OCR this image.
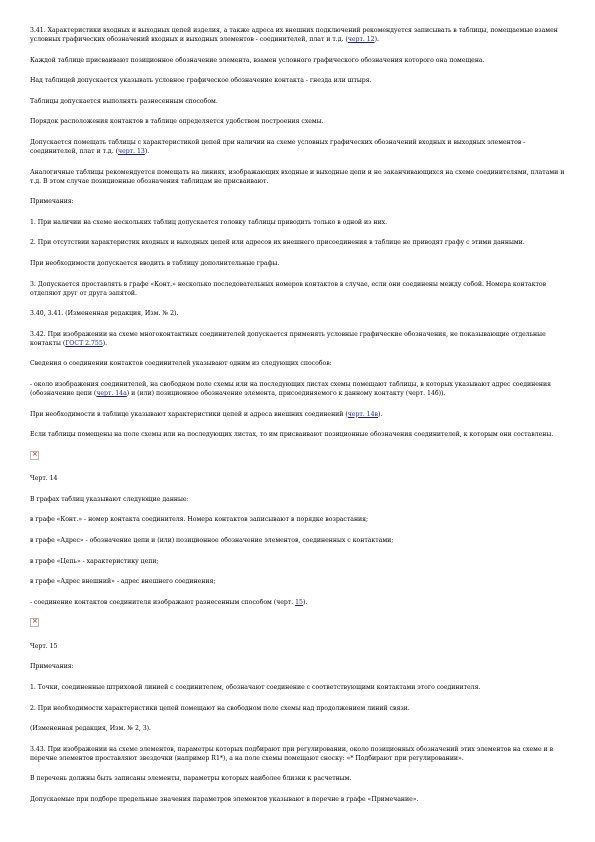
3.41. Характеристики входных и выходных цепей изделия, а также адреса их внешних подключений рекомендуется записывать в таблицы, помещаемые взамен условных графических обозначений входных и выходных элементов - соединителей, плат и т.д. (черт. 12).

Каждой таблице присваивают позиционное обозначение элемента, взамен условного графического обозначения которого она помещена.

Над таблицей допускается указывать условное графическое обозначение контакта - гнезда или штыря.

Таблицы допускается выполнять разнесенным способом.

Порядок расположения контактов в таблице определяется удобством построения схемы.

Допускается помещать таблицы с характеристикой цепей при наличии на схеме условных графических обозначений входных и выходных элементов - соединителей, плат и т.д. (черт. 13).

Аналогичные таблицы рекомендуется помещать на линиях, изображающих входные и выходные цепи и не заканчивающихся на схеме соединителями, платами и т.д. В этом случае позиционные обозначения таблицам не присваивают.

Примечания:

1. При наличии на схеме нескольких таблиц допускается головку таблицы приводить только в одной из них.

2. При отсутствии характеристик входных и выходных цепей или адресов их внешнего присоединения в таблице не приводят графу с этими данными.

При необходимости допускается вводить в таблицу дополнительные графы.

3. Допускается проставлять в графе «Конт.» несколько последовательных номеров контактов в случае, если они соединены между собой. Номера контактов отделяют друг от друга запятой.

3.40, 3.41. (Измененная редакция, Изм. № 2).

3.42. При изображении на схеме многоконтактных соединителей допускается применять условные графические обозначения, не показывающие отдельные контакты (ГОСТ 2.755).

Сведения о соединении контактов соединителей указывают одним из следующих способов:

- около изображения соединителей, на свободном поле схемы или на последующих листах схемы помещают таблицы, в которых указывают адрес соединения (обозначение цепи (черт. 14а) и (или) позиционное обозначение элемента, присоединяемого к данному контакту (черт. 14б)).

При необходимости в таблице указывают характеристики цепей и адреса внешних соединений (черт. 14в).

Если таблицы помещены на поле схемы или на последующих листах, то им присваивают позиционные обозначения соединителей, к которым они составлены.

×

Черт. 14

В графах таблиц указывают следующие данные:

в графе «Конт.» - номер контакта соединителя. Номера контактов записывают в порядке возрастания;

в графе «Адрес» - обозначение цепи и (или) позиционное обозначение элементов, соединенных с контактами;

в графе «Цепь» - характеристику цепи;

в графе «Адрес внешний» - адрес внешнего соединения;

- соединение контактов соединителя изображают разнесенным способом (черт. 15).

×

Черт. 15

Примечания:

1. Точки, соединенные штриховой линией с соединителем, обозначают соединение с соответствующими контактами этого соединителя.

2. При необходимости характеристики цепей помещают на свободном поле схемы над продолжением линий связи.

(Измененная редакция, Изм. № 2, 3).

3.43. При изображении на схеме элементов, параметры которых подбирают при регулировании, около позиционных обозначений этих элементов на схеме и в перечне элементов проставляют звездочки (например R1*), а на поле схемы помещают сноску: «* Подбирают при регулировании».

В перечень должны быть записаны элементы, параметры которых наиболее близки к расчетным.

Допускаемые при подборе предельные значения параметров элементов указывают в перечне в графе «Примечание».
